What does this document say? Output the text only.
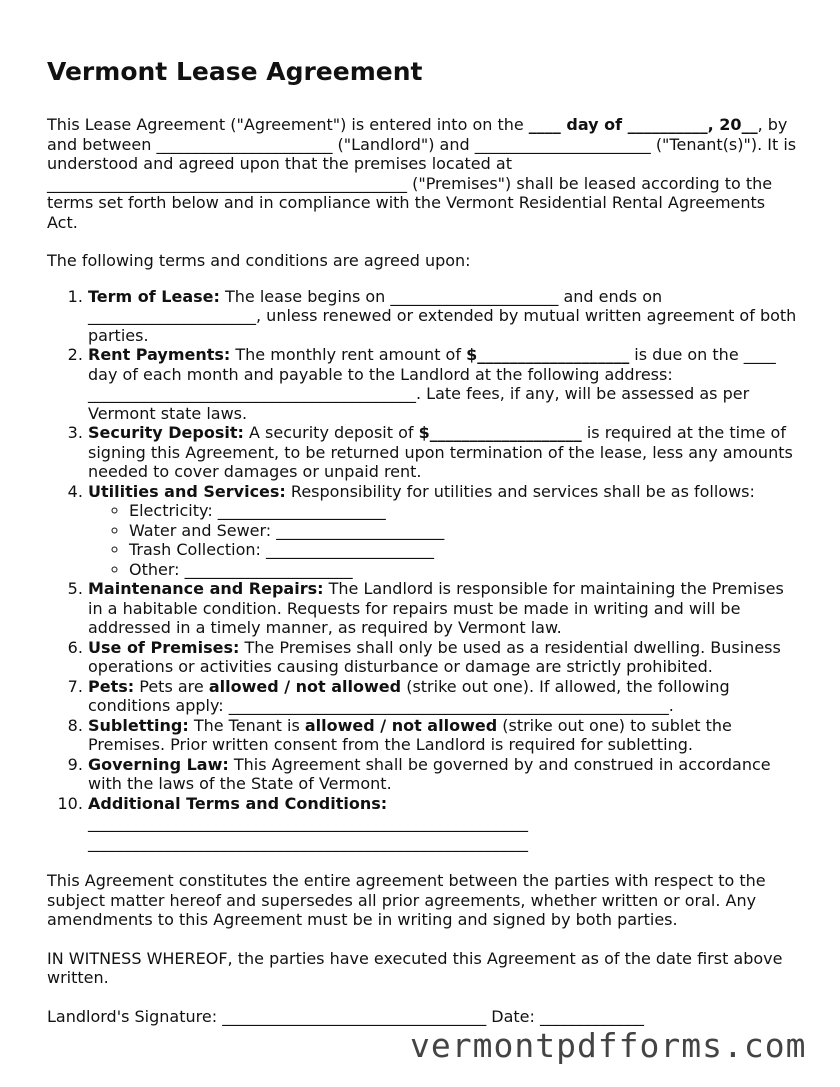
Vermont Lease Agreement

This Lease Agreement ("Agreement") is entered into on the ____ day of __________, 20__, by and between ______________________ ("Landlord") and ______________________ ("Tenant(s)"). It is understood and agreed upon that the premises located at _____________________________________________ ("Premises") shall be leased according to the terms set forth below and in compliance with the Vermont Residential Rental Agreements Act.

The following terms and conditions are agreed upon:

1. Term of Lease: The lease begins on _____________________ and ends on _____________________, unless renewed or extended by mutual written agreement of both parties.
2. Rent Payments: The monthly rent amount of $___________________ is due on the ____ day of each month and payable to the Landlord at the following address: _________________________________________. Late fees, if any, will be assessed as per Vermont state laws.
3. Security Deposit: A security deposit of $___________________ is required at the time of signing this Agreement, to be returned upon termination of the lease, less any amounts needed to cover damages or unpaid rent.
4. Utilities and Services: Responsibility for utilities and services shall be as follows:
◦ Electricity: _____________________
◦ Water and Sewer: _____________________
◦ Trash Collection: _____________________
◦ Other: _____________________
5. Maintenance and Repairs: The Landlord is responsible for maintaining the Premises in a habitable condition. Requests for repairs must be made in writing and will be addressed in a timely manner, as required by Vermont law.
6. Use of Premises: The Premises shall only be used as a residential dwelling. Business operations or activities causing disturbance or damage are strictly prohibited.
7. Pets: Pets are allowed / not allowed (strike out one). If allowed, the following conditions apply: _______________________________________________________.
8. Subletting: The Tenant is allowed / not allowed (strike out one) to sublet the Premises. Prior written consent from the Landlord is required for subletting.
9. Governing Law: This Agreement shall be governed by and construed in accordance with the laws of the State of Vermont.
10. Additional Terms and Conditions:
_______________________________________________________
_______________________________________________________

This Agreement constitutes the entire agreement between the parties with respect to the subject matter hereof and supersedes all prior agreements, whether written or oral. Any amendments to this Agreement must be in writing and signed by both parties.

IN WITNESS WHEREOF, the parties have executed this Agreement as of the date first above written.

Landlord's Signature: _________________________________ Date: _____________

vermontpdfforms.com
